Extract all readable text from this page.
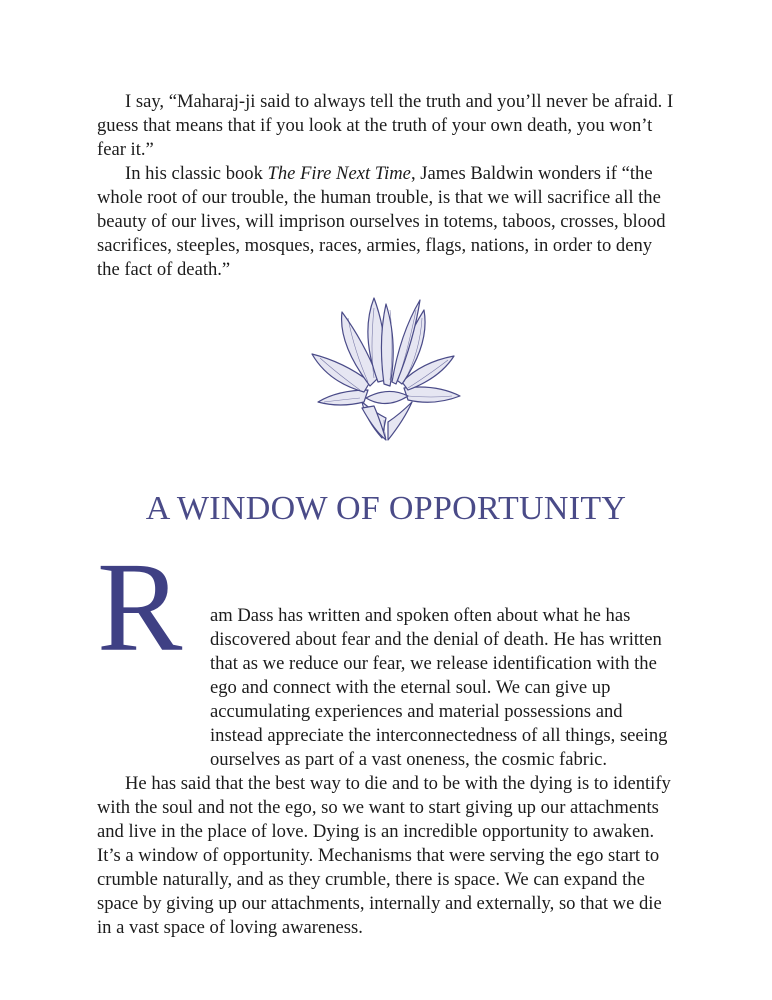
I say, “Maharaj-ji said to always tell the truth and you’ll never be afraid. I guess that means that if you look at the truth of your own death, you won’t fear it.”

In his classic book The Fire Next Time, James Baldwin wonders if “the whole root of our trouble, the human trouble, is that we will sacrifice all the beauty of our lives, will imprison ourselves in totems, taboos, crosses, blood sacrifices, steeples, mosques, races, armies, flags, nations, in order to deny the fact of death.”

A WINDOW OF OPPORTUNITY
R	am Dass has written and spoken often about what he has discovered about fear and the denial of death. He has written that as we reduce our fear, we release identification with the ego and connect with the eternal soul. We can give up accumulating experiences and material possessions and instead appreciate the interconnectedness of all things, seeing ourselves as part of a vast oneness, the cosmic fabric.

He has said that the best way to die and to be with the dying is to identify with the soul and not the ego, so we want to start giving up our attachments and live in the place of love. Dying is an incredible opportunity to awaken. It’s a window of opportunity. Mechanisms that were serving the ego start to crumble naturally, and as they crumble, there is space. We can expand the space by giving up our attachments, internally and externally, so that we die in a vast space of loving awareness.
